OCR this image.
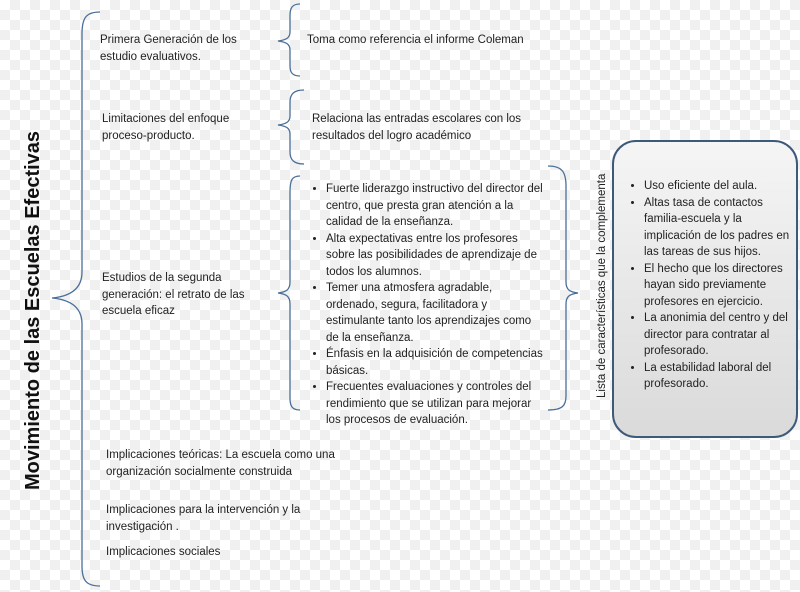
Movimiento de las Escuelas Efectivas
Primera Generación de los estudio evaluativos.
Toma como referencia el informe Coleman
Limitaciones del enfoque proceso-producto.
Relaciona las entradas escolares con los resultados del logro académico
Estudios de la segunda generación: el retrato de las escuela eficaz
• Fuerte liderazgo instructivo del director del centro, que presta gran atención a la calidad de la enseñanza.
• Alta expectativas entre los profesores sobre las posibilidades de aprendizaje de todos los alumnos.
• Temer una atmosfera agradable, ordenado, segura, facilitadora y estimulante tanto los aprendizajes como de la enseñanza.
• Énfasis en la adquisición de competencias básicas.
• Frecuentes evaluaciones y controles del rendimiento que se utilizan para mejorar los procesos de evaluación.
Implicaciones teóricas: La escuela como una organización socialmente construida
Implicaciones para la intervención y la investigación .
Implicaciones sociales
Lista de características que la complementa
•	Uso eficiente del aula.
• Altas tasa de contactos familia-escuela y la implicación de los padres en las tareas de sus hijos.
• El hecho que los directores hayan sido previamente profesores en ejercicio.
• La anonimia del centro y del director para contratar al profesorado.
• La estabilidad laboral del profesorado.
